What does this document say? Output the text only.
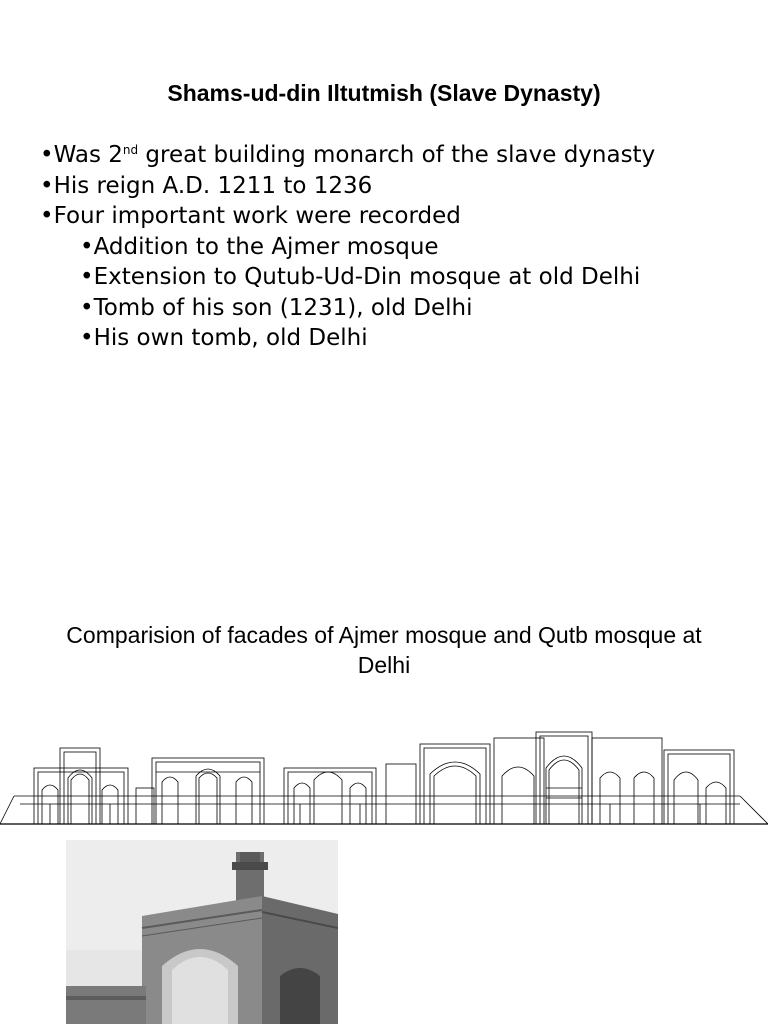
Shams-ud-din Iltutmish (Slave Dynasty)
•Was 2nd great building monarch of the slave dynasty
•His reign A.D. 1211 to 1236
•Four important work were recorded
•Addition to the Ajmer mosque
•Extension to Qutub-Ud-Din mosque at old Delhi
•Tomb of his son (1231), old Delhi
•His own tomb, old Delhi
Comparision of facades of Ajmer mosque and Qutb mosque at Delhi
